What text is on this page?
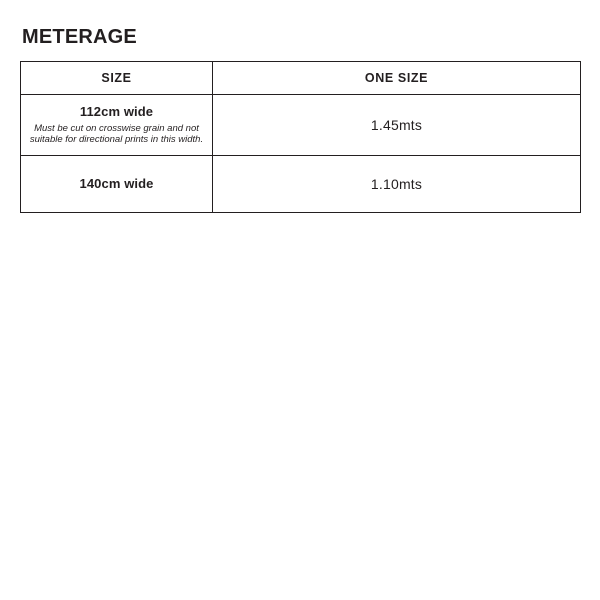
METERAGE
SIZE	ONE SIZE

112cm wide
Must be cut on crosswise grain and not suitable for directional prints in this width.	1.45mts

140cm wide	1.10mts
